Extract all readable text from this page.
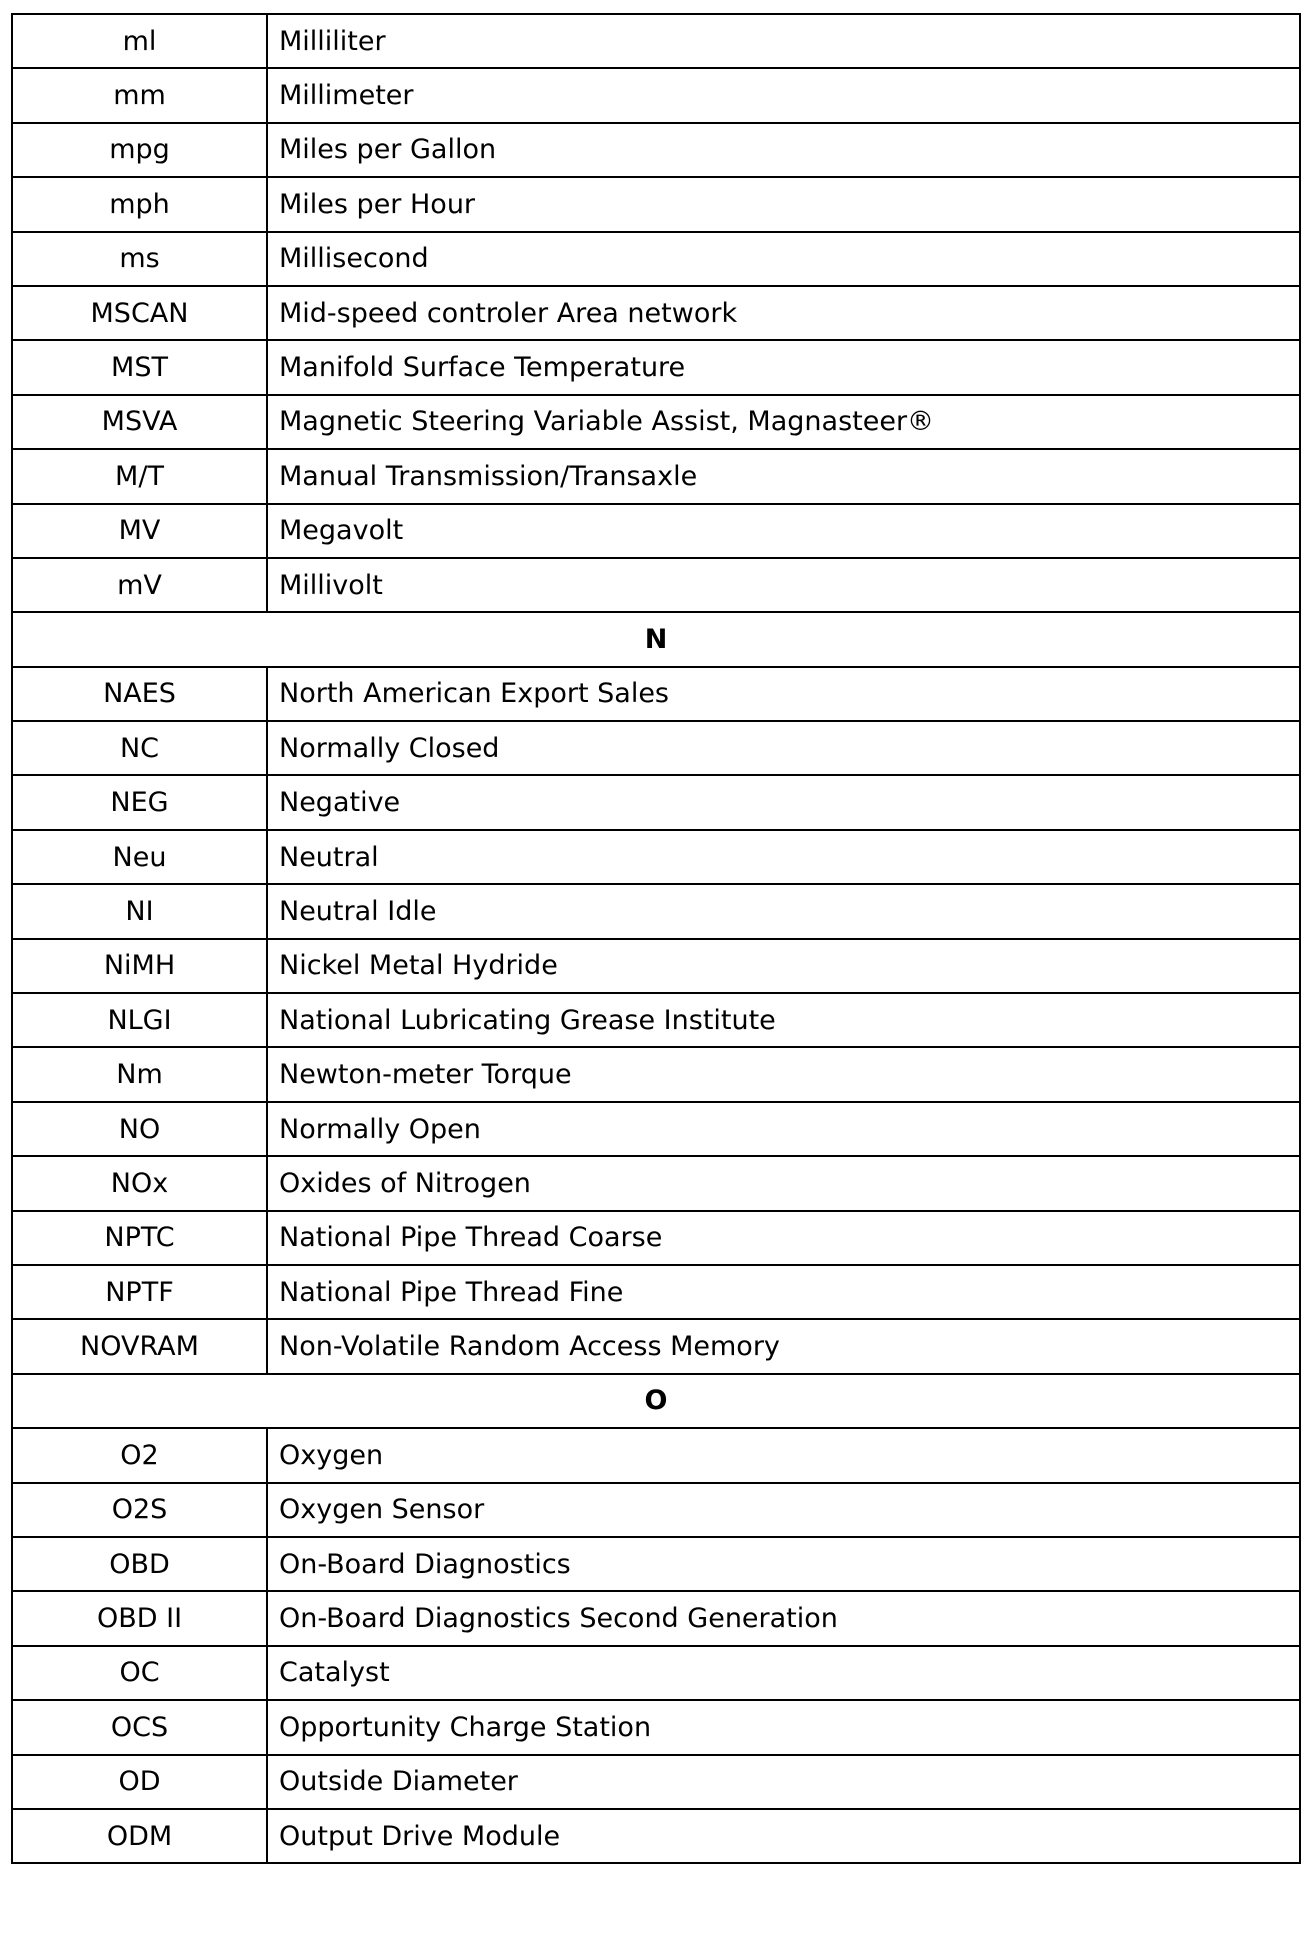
ml	Milliliter
mm	Millimeter
mpg	Miles per Gallon
mph	Miles per Hour
ms	Millisecond
MSCAN	Mid-speed controler Area network
MST	Manifold Surface Temperature
MSVA	Magnetic Steering Variable Assist, Magnasteer®
M/T	Manual Transmission/Transaxle
MV	Megavolt
mV	Millivolt
N	
NAES	North American Export Sales
NC	Normally Closed
NEG	Negative
Neu	Neutral
NI	Neutral Idle
NiMH	Nickel Metal Hydride
NLGI	National Lubricating Grease Institute
Nm	Newton-meter Torque
NO	Normally Open
NOx	Oxides of Nitrogen
NPTC	National Pipe Thread Coarse
NPTF	National Pipe Thread Fine
NOVRAM	Non-Volatile Random Access Memory
O	
O2	Oxygen
O2S	Oxygen Sensor
OBD	On-Board Diagnostics
OBD II	On-Board Diagnostics Second Generation
OC	Catalyst
OCS	Opportunity Charge Station
OD	Outside Diameter
ODM	Output Drive Module
